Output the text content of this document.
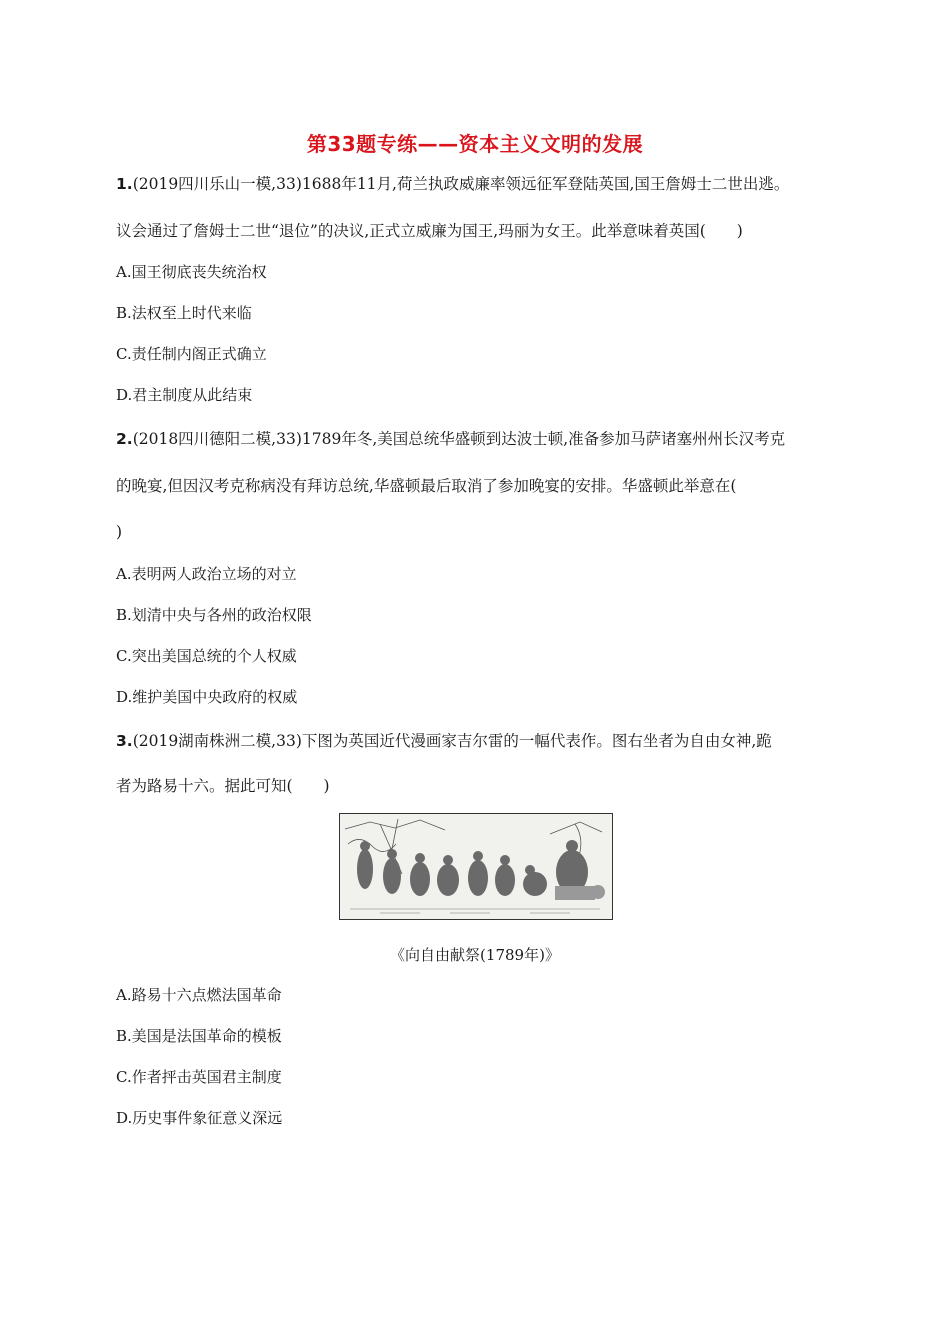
第33题专练——资本主义文明的发展
1.(2019四川乐山一模,33)1688年11月,荷兰执政威廉率领远征军登陆英国,国王詹姆士二世出逃。
议会通过了詹姆士二世“退位”的决议,正式立威廉为国王,玛丽为女王。此举意味着英国(　　)
A.国王彻底丧失统治权
B.法权至上时代来临
C.责任制内阁正式确立
D.君主制度从此结束
2.(2018四川德阳二模,33)1789年冬,美国总统华盛顿到达波士顿,准备参加马萨诸塞州州长汉考克
的晚宴,但因汉考克称病没有拜访总统,华盛顿最后取消了参加晚宴的安排。华盛顿此举意在(
)
A.表明两人政治立场的对立
B.划清中央与各州的政治权限
C.突出美国总统的个人权威
D.维护美国中央政府的权威
3.(2019湖南株洲二模,33)下图为英国近代漫画家吉尔雷的一幅代表作。图右坐者为自由女神,跪
者为路易十六。据此可知(　　)
《向自由献祭(1789年)》
A.路易十六点燃法国革命
B.美国是法国革命的模板
C.作者抨击英国君主制度
D.历史事件象征意义深远
